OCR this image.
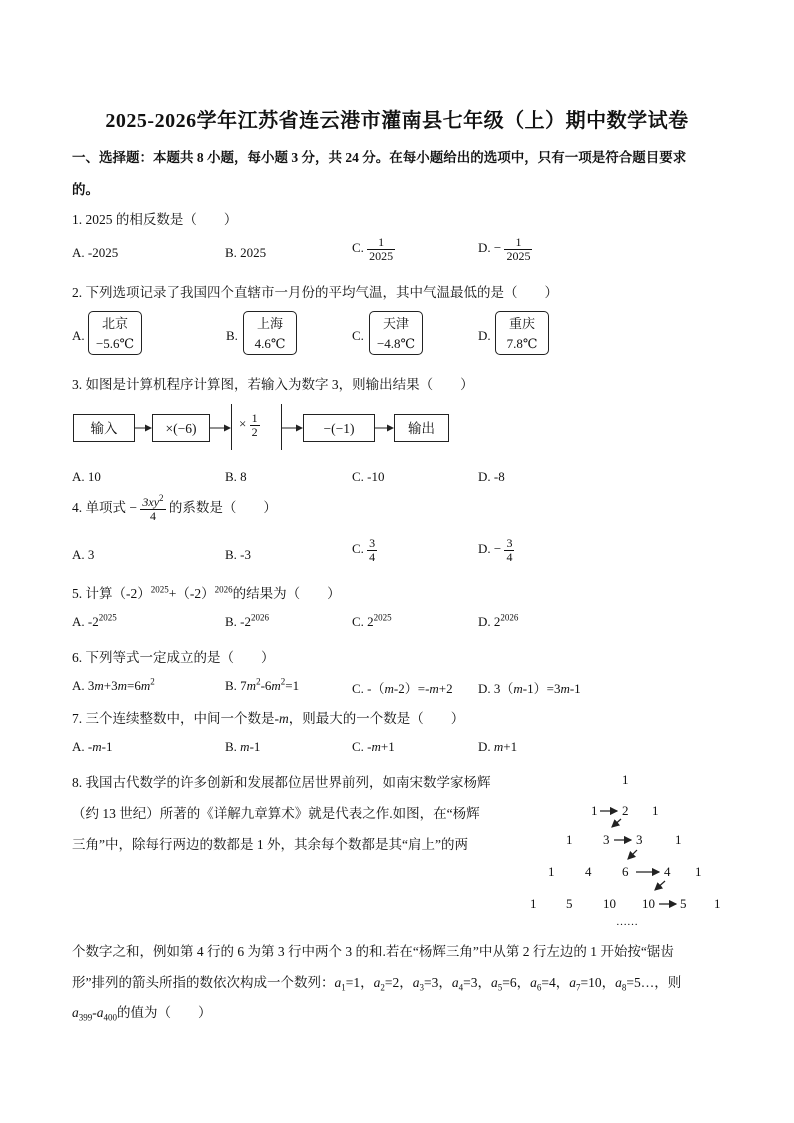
2025-2026学年江苏省连云港市灌南县七年级（上）期中数学试卷
一、选择题：本题共 8 小题，每小题 3 分，共 24 分。在每小题给出的选项中，只有一项是符合题目要求
的。
1. 2025 的相反数是（　　）
A. -2025	B. 2025	C. $\frac{1}{2025}$	D. − $\frac{1}{2025}$
2. 下列选项记录了我国四个直辖市一月份的平均气温，其中气温最低的是（　　）
A.
北京
−5.6℃
B.
上海
4.6℃
C.
天津
−4.8℃
D.
重庆
7.8℃
3. 如图是计算机程序计算图，若输入为数字 3，则输出结果（　　）
输入	×(−6)	× $\frac{1}{2}$	−(−1)	输出
A. 10	B. 8	C. -10	D. -8
4. 单项式 − $\frac{3xy^2}{4}$ 的系数是（　　）
A. 3	B. -3	C. $\frac{3}{4}$	D. − $\frac{3}{4}$
5. 计算$(-2)^{2025}+(-2)^{2026}$的结果为（　　）
A. $-2^{2025}$	B. $-2^{2026}$	C. $2^{2025}$	D. $2^{2026}$
6. 下列等式一定成立的是（　　）
A. $3m+3m=6m^2$	B. $7m^2-6m^2=1$	C. -（m-2）=-m+2 D. 3（m-1）=3m-1
7. 三个连续整数中，中间一个数是-m，则最大的一个数是（　　）
A. -m-1	B. m-1	C. -m+1	D. m+1
8. 我国古代数学的许多创新和发展都位居世界前列，如南宋数学家杨辉
（约 13 世纪）所著的《详解九章算术》就是代表之作.如图，在“杨辉
三角”中，除每行两边的数都是 1 外，其余每个数都是其“肩上”的两
个数字之和，例如第 4 行的 6 为第 3 行中两个 3 的和.若在“杨辉三角”中从第 2 行左边的 1 开始按“锯齿
形”排列的箭头所指的数依次构成一个数列：$a_1=1$，$a_2=2$，$a_3=3$，$a_4=3$，$a_5=6$，$a_6=4$，$a_7=10$，$a_8=5\dots$，则
$a_{399}-a_{400}$的值为（　　）
1
1 2 1
1 3 3	1
1 4 6	4 1
1 5 10 10 5 1
……
